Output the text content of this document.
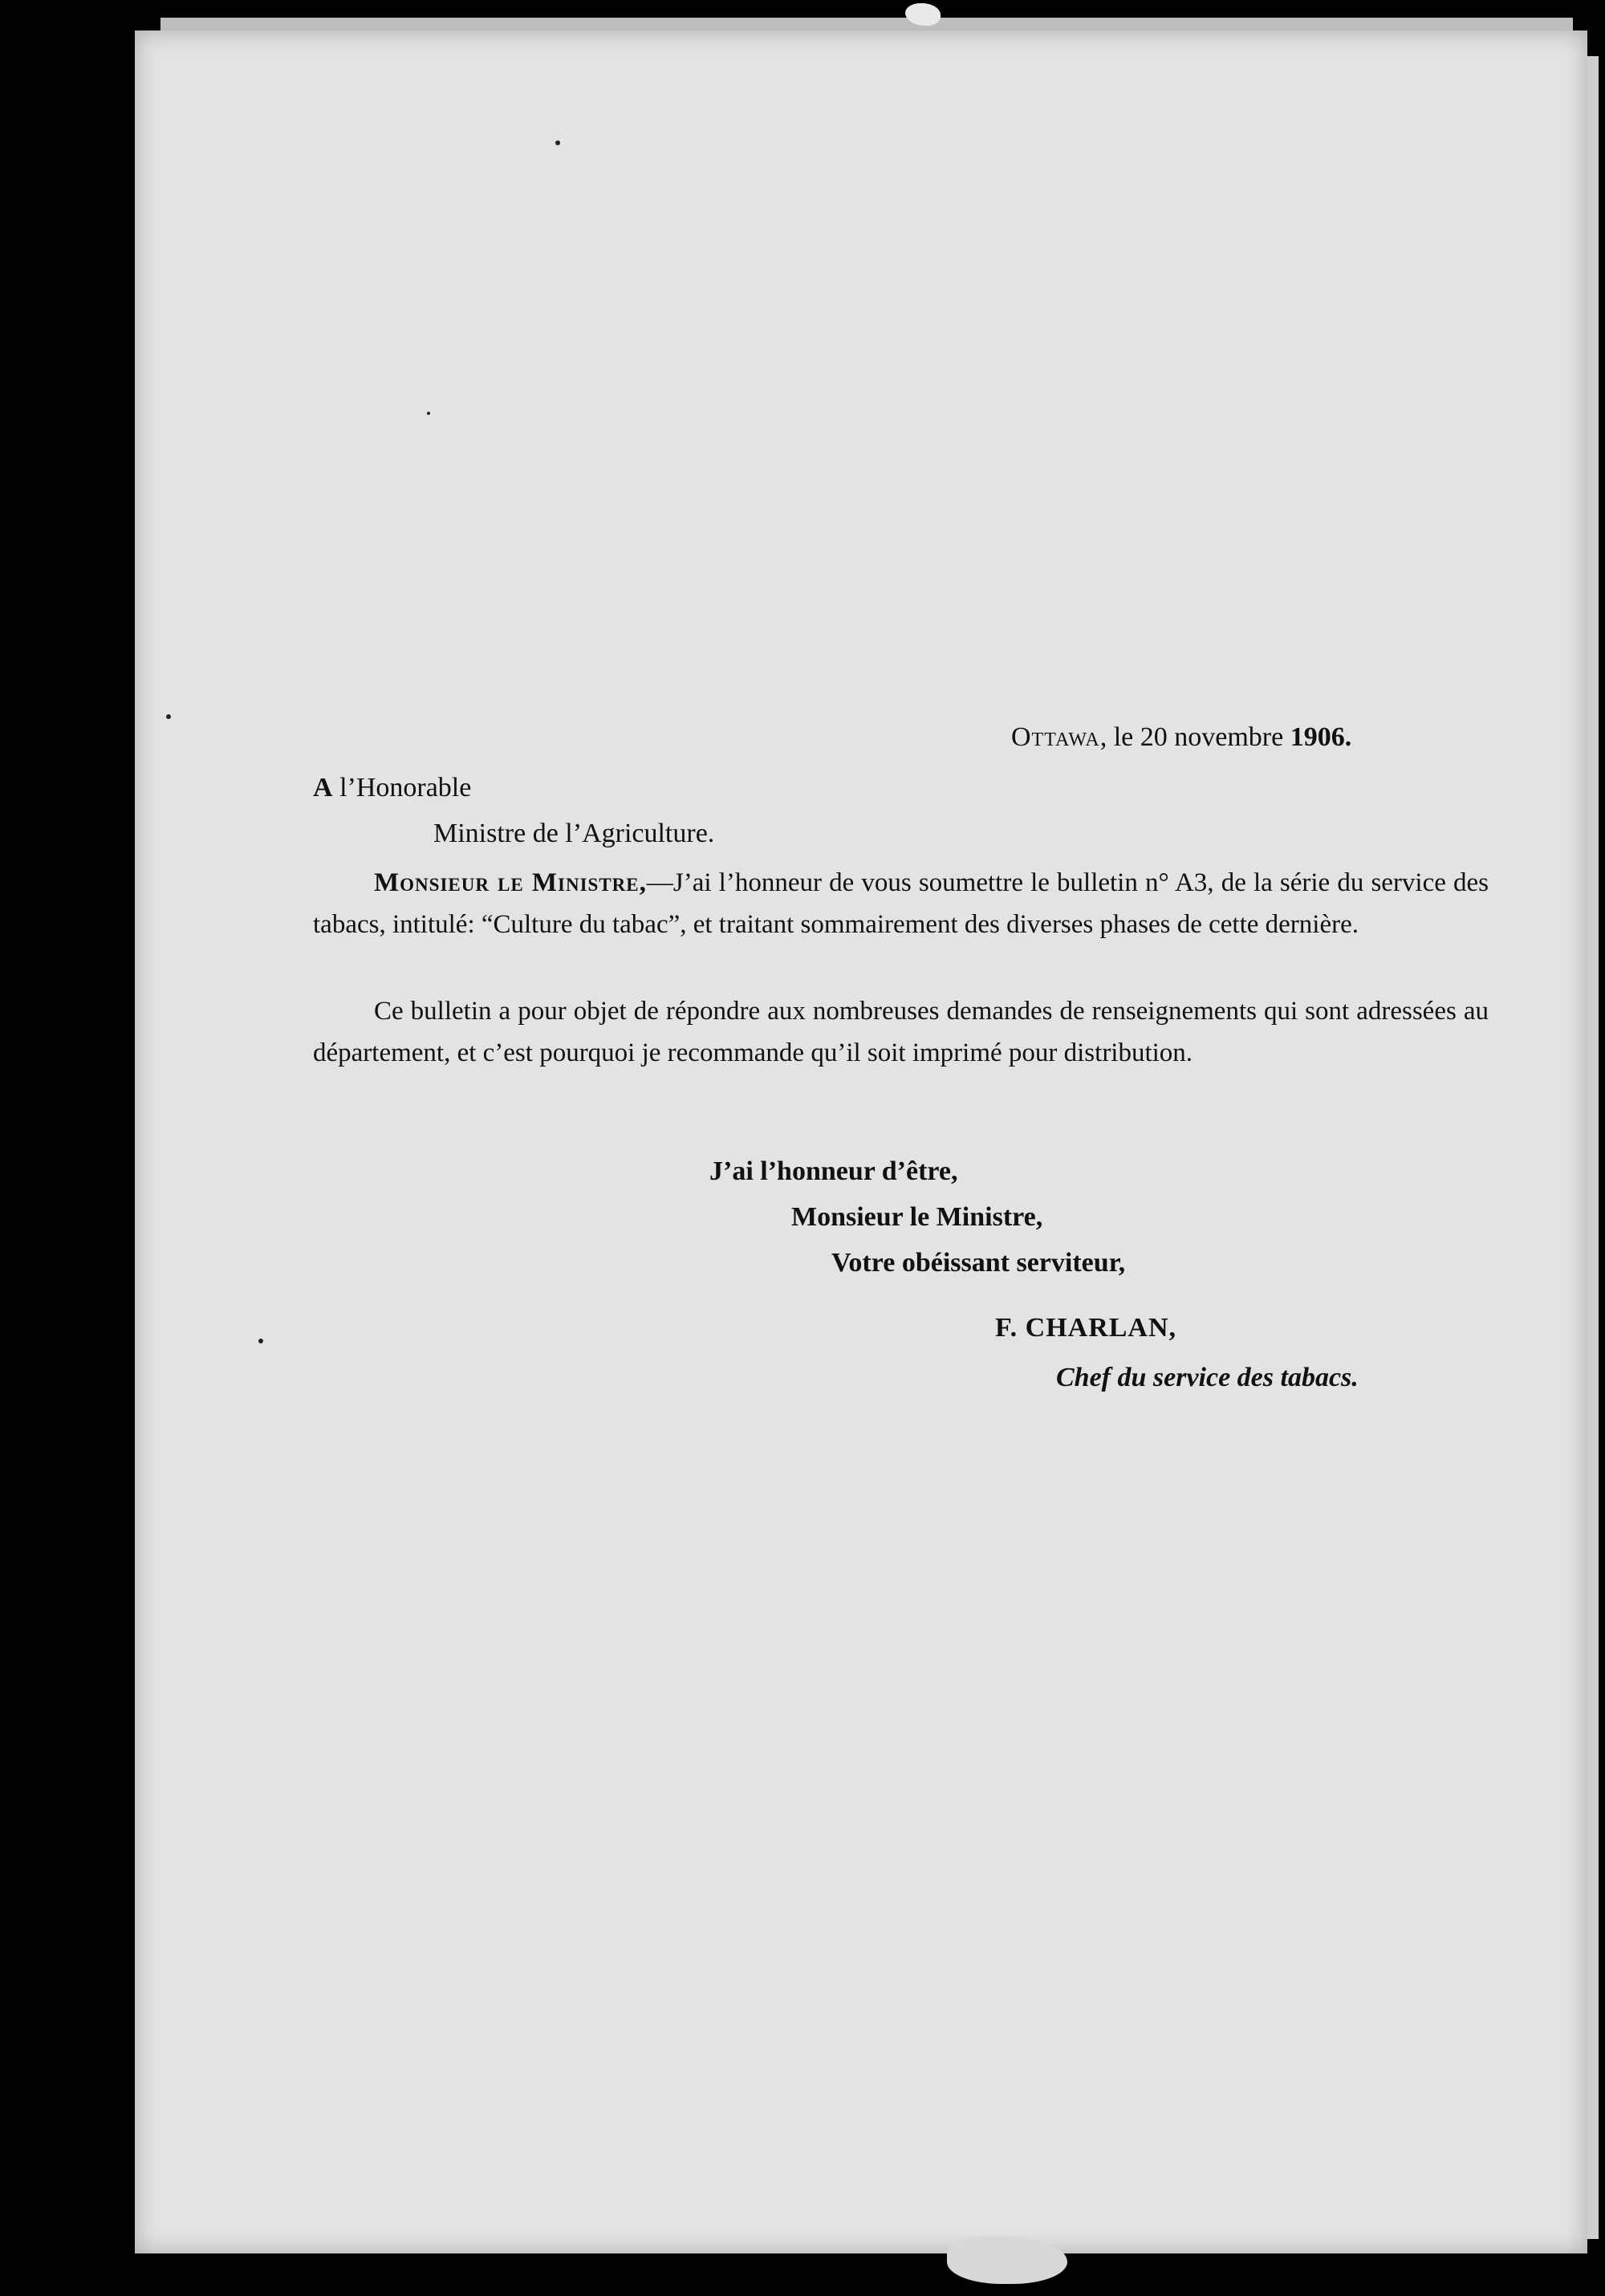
Ottawa, le 20 novembre 1906.
A l’Honorable
Ministre de l’Agriculture.
Monsieur le Ministre,—J’ai l’honneur de vous soumettre le bulletin n° A3, de la série du service des tabacs, intitulé: “Culture du tabac”, et traitant sommairement des diverses phases de cette dernière.
Ce bulletin a pour objet de répondre aux nombreuses demandes de renseignements qui sont adressées au département, et c’est pourquoi je recommande qu’il soit imprimé pour distribution.
J’ai l’honneur d’être,
Monsieur le Ministre,
Votre obéissant serviteur,
F. CHARLAN,
Chef du service des tabacs.
